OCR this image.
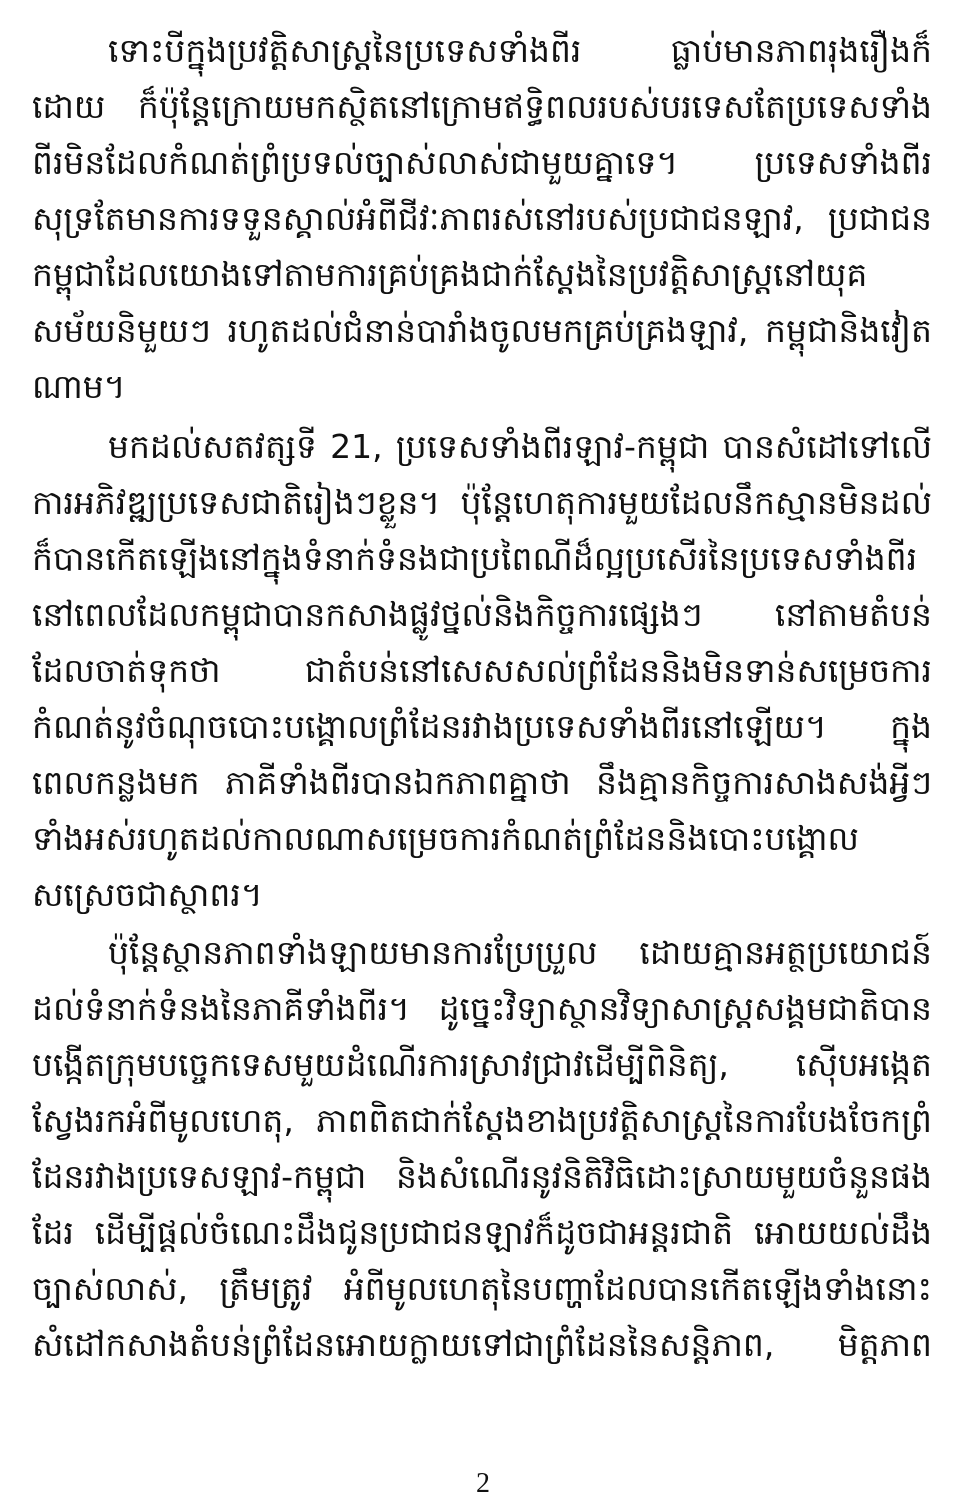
ទោះបីក្នុងប្រវត្តិសាស្ត្រនៃប្រទេសទាំងពីរ ធ្លាប់មានភាពរុងរឿងក៏
ដោយ ក៏ប៉ុន្តែក្រោយមកស្ថិតនៅក្រោមឥទ្ធិពលរបស់បរទេសតែប្រទេសទាំង
ពីរមិនដែលកំណត់ព្រំប្រទល់ច្បាស់លាស់ជាមួយគ្នាទេ។ ប្រទេសទាំងពីរ
សុទ្រតែមានការទទួនស្គាល់អំពីជីវៈភាពរស់នៅរបស់ប្រជាជនឡាវ, ប្រជាជន
កម្ពុជាដែលយោងទៅតាមការគ្រប់គ្រងជាក់ស្តែងនៃប្រវត្តិសាស្ត្រនៅយុគ
សម័យនិមួយៗ រហូតដល់ជំនាន់បារាំងចូលមកគ្រប់គ្រងឡាវ, កម្ពុជានិងវៀត
ណាម។
មកដល់សតវត្សទី 21, ប្រទេសទាំងពីរឡាវ-កម្ពុជា បានសំដៅទៅលើ
ការអភិវឌ្ឍប្រទេសជាតិរៀងៗខ្លួន។ ប៉ុន្តែហេតុការមួយដែលនឹកស្មានមិនដល់
ក៏បានកើតឡើងនៅក្នុងទំនាក់ទំនងជាប្រពៃណីដ៏ល្អប្រសើរនៃប្រទេសទាំងពីរ
នៅពេលដែលកម្ពុជាបានកសាងផ្លូវថ្នល់និងកិច្ចការផ្សេងៗ នៅតាមតំបន់
ដែលចាត់ទុកថា ជាតំបន់នៅសេសសល់ព្រំដែននិងមិនទាន់សម្រេចការ
កំណត់នូវចំណុចបោះបង្គោលព្រំដែនរវាងប្រទេសទាំងពីរនៅឡើយ។ ក្នុង
ពេលកន្លងមក ភាគីទាំងពីរបានឯកភាពគ្នាថា នឹងគ្មានកិច្ចការសាងសង់អ្វីៗ
ទាំងអស់រហូតដល់កាលណាសម្រេចការកំណត់ព្រំដែននិងបោះបង្គោល
សស្រេចជាស្ថាពរ។
ប៉ុន្តែស្ថានភាពទាំងឡាយមានការប្រែប្រួល ដោយគ្មានអត្ថប្រយោជន៍
ដល់ទំនាក់ទំនងនៃភាគីទាំងពីរ។ ដូច្នេះវិទ្យាស្ថានវិទ្យាសាស្ត្រសង្គមជាតិបាន
បង្កើតក្រុមបច្ចេកទេសមួយដំណើរការស្រាវជ្រាវដើម្បីពិនិត្យ, ស៊ើបអង្កេត
ស្វែងរកអំពីមូលហេតុ, ភាពពិតជាក់ស្តែងខាងប្រវត្តិសាស្ត្រនៃការបែងចែកព្រំ
ដែនរវាងប្រទេសឡាវ-កម្ពុជា និងសំណើរនូវនិតិវិធិដោះស្រាយមួយចំនួនផង
ដែរ ដើម្បីផ្តល់ចំណេះដឹងជូនប្រជាជនឡាវក៏ដូចជាអន្តរជាតិ អោយយល់ដឹង
ច្បាស់លាស់, ត្រឹមត្រូវ អំពីមូលហេតុនៃបញ្ហាដែលបានកើតឡើងទាំងនោះ
សំដៅកសាងតំបន់ព្រំដែនអោយក្លាយទៅជាព្រំដែននៃសន្តិភាព, មិត្តភាព
2
